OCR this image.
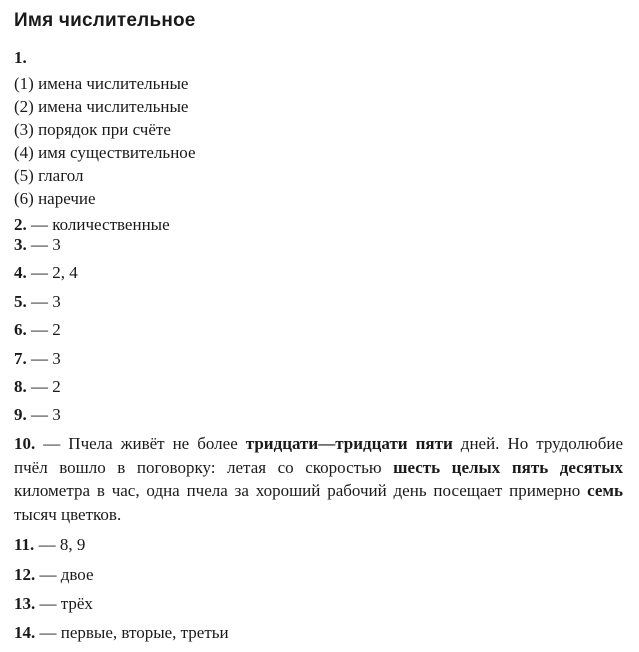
Имя числительное
1.
(1) имена числительные
(2) имена числительные
(3) порядок при счёте
(4) имя существительное
(5) глагол
(6) наречие
2. — количественные
3. — 3
4. — 2, 4
5. — 3
6. — 2
7. — 3
8. — 2
9. — 3
10. — Пчела живёт не более тридцати—тридцати пяти дней. Но трудолюбие пчёл вошло в поговорку: летая со скоростью шесть целых пять десятых километра в час, одна пчела за хороший рабочий день посещает примерно семь тысяч цветков.
11. — 8, 9
12. — двое
13. — трёх
14. — первые, вторые, третьи
